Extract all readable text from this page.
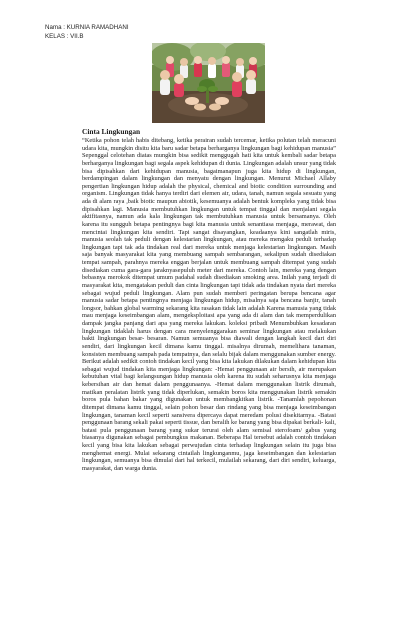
Nama : KURNIA RAMADHANI
KELAS : VII.B
Cinta Lingkungan

“Ketika pohon telah habis ditebang, ketika perairan sudah tercemar, ketika polutan telah meracuni udara kita, mungkin disitu kita baru sadar betapa berharganya lingkungan bagi kehidupan manusia” Sepenggal celotehan diatas mungkin bisa sedikit menggugah hati kita untuk kembali sadar betapa berharganya lingkungan bagi segala aspek kehidupan di dunia. Lingkungan adalah unsur yang tidak bisa dipisahkan dari kehidupan manusia, bagaimanapun juga kita hidup di lingkungan, berdampingan dalam lingkungan dan menyatu dengan lingkungan. Menurut Michael Allaby pengertian lingkungan hidup adalah the physical, chemical and biotic condition surrounding and organism. Lingkungan tidak hanya terdiri dari elemen air, udara, tanah, namun segala sesuatu yang ada di alam raya ,baik biotic maupun abiotik, kesemuanya adalah bentuk kompleks yang tidak bisa dipisahkan lagi. Manusia membutuhkan lingkungan untuk tempat tinggal dan menjalani segala aktifitasnya, namun ada kala lingkungan tak membutuhkan manusia untuk bersamanya. Oleh karena itu sungguh betapa pentingnya bagi kita manusia untuk senantiasa menjaga, merawat, dan mencintai lingkungan kita sendiri. Tapi sangat disayangkan, keadaanya kini sangatlah miris, manusia seolah tak peduli dengan kelestarian lingkungan, atau mereka mengaku peduli terhadap lingkungan tapi tak ada tindakan real dari mereka untuk menjaga kelestarian lingkungan. Masih saja banyak masyarakat kita yang membuang sampah sembarangan, sekalipun sudah disediakan tempat sampah, parahnya mereka enggan berjalan untuk membuang sampah ditempat yang sudah disediakan cuma gara-gara jaraknyasepuluh meter dari mereka. Contoh lain, mereka yang dengan bebasnya merokok ditempat umum padahal sudah disediakan smoking area. Inilah yang terjadi di masyarakat kita, mengatakan peduli dan cinta lingkungan tapi tidak ada tindakan nyata dari mereka sebagai wujud peduli lingkungan. Alam pun sudah memberi peringatan berupa bencana agar manusia sadar betapa pentingnya menjaga lingkungan hidup, misalnya saja bencana banjir, tanah longsor, bahkan global warming sekarang kita rasakan tidak lain adalah Karena manusia yang tidak mau menjaga keseimbangan alam, mengeksploitasi apa yang ada di alam dan tak memperdulikan dampak jangka panjang dari apa yang mereka lakukan. koleksi pribadi Menumbuhkan kesadaran lingkungan tidaklah harus dengan cara menyelenggarakan seminar lingkungan atau melakukan bakti lingkungan besar- besaran. Namun semuanya bisa diawali dengan langkah kecil dari diri sendiri, dari lingkungan kecil dimana kamu tinggal. misalnya dirumah, memelihara tanaman, konsisten membuang sampah pada tempatnya, dan selalu bijak dalam menggunakan sumber energy. Berikut adalah sedikit contoh tindakan kecil yang bisa kita lakukan dilakukan dalam kehidupan kita sebagai wujud tindakan kita menjaga lingkungan: -Hemat penggunaan air bersih, air merupakan kebutuhan vital bagi kelangsungan hidup manusia oleh karena itu sudah seharusnya kita menjaga kebersihan air dan hemat dalam penggunaanya. -Hemat dalam menggunakan listrik dirumah, matikan peralatan listrik yang tidak diperlukan, semakin boros kita menggunakan listrik semakin boros pula bahan bakar yang digunakan untuk membangkitkan listrik. -Tanamlah pepohonan ditempat dimana kamu tinggal, selain pohon besar dan rindang yang bisa menjaga keseimbangan lingkungan, tanaman kecil seperti sansivera dipercaya dapat meredam polusi disekitarnya. -Batasi penggunaan barang sekali pakai seperti tissue, dan beralih ke barang yang bisa dipakai berkali- kali, batasi pula penggunaan barang yang sukar terurai oleh alam semisal sterofoam/ gabus yang biasanya digunakan sebagai pembungkus makanan. Beberapa Hal tersebut adalah contoh tindakan kecil yang bisa kita lakukan sebagai perwujudan cinta terhadap lingkungan selain itu juga bisa menghemat energi. Mulai sekarang cintailah lingkunganmu, jaga keseimbangan dan kelestarian lingkungan, semuanya bisa dimulai dari hal terkecil, mulailah sekarang, dari diri sendiri, keluarga, masyarakat, dan warga dunia.
